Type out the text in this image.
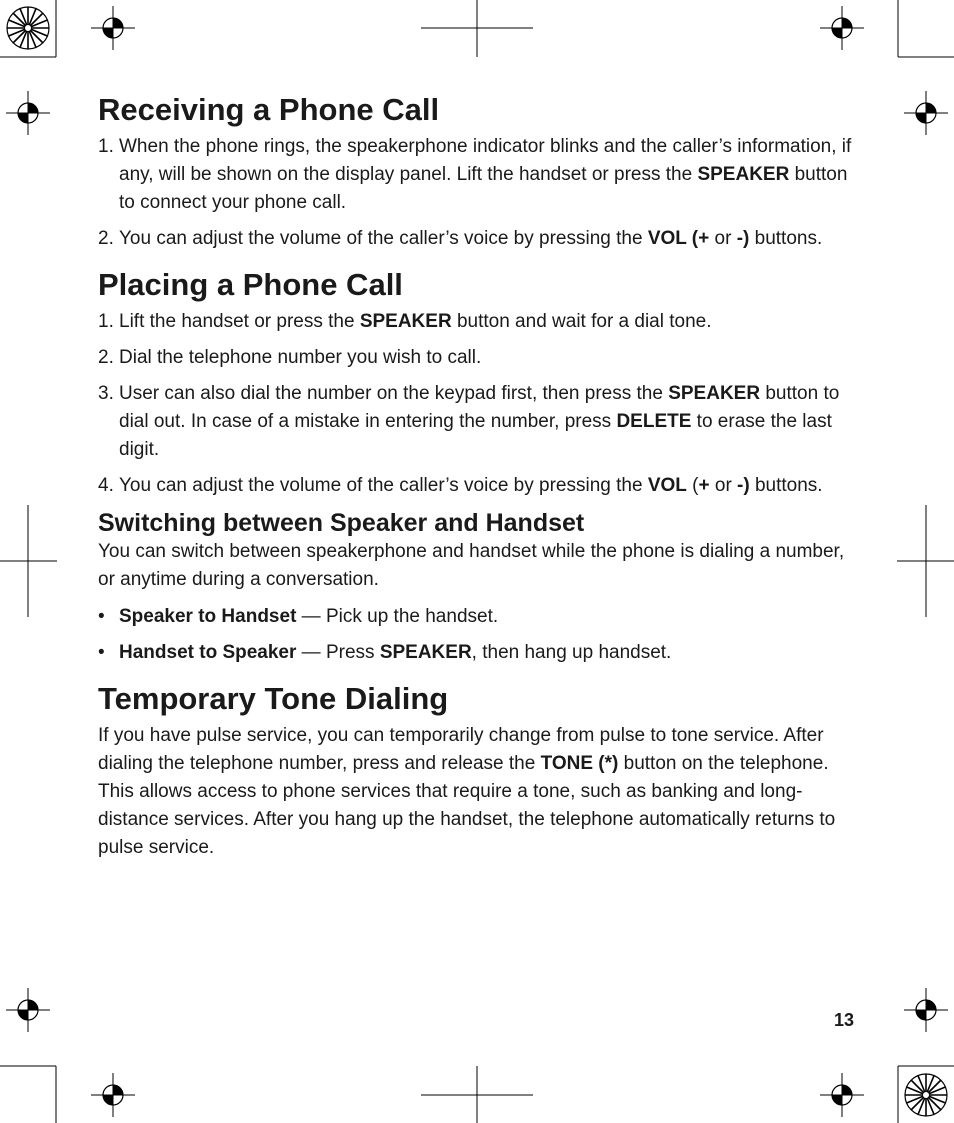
Receiving a Phone Call
1. When the phone rings, the speakerphone indicator blinks and the caller’s information, if any, will be shown on the display panel. Lift the handset or press the SPEAKER button to connect your phone call.
2. You can adjust the volume of the caller’s voice by pressing the VOL (+ or -) buttons.
Placing a Phone Call
1. Lift the handset or press the SPEAKER button and wait for a dial tone.
2. Dial the telephone number you wish to call.
3. User can also dial the number on the keypad first, then press the SPEAKER button to dial out. In case of a mistake in entering the number, press DELETE to erase the last digit.
4. You can adjust the volume of the caller’s voice by pressing the VOL (+ or -) buttons.
Switching between Speaker and Handset

You can switch between speakerphone and handset while the phone is dialing a number, or anytime during a conversation.

• Speaker to Handset — Pick up the handset.
• Handset to Speaker — Press SPEAKER, then hang up handset.
Temporary Tone Dialing

If you have pulse service, you can temporarily change from pulse to tone service. After dialing the telephone number, press and release the TONE (*) button on the telephone. This allows access to phone services that require a tone, such as banking and long-distance services. After you hang up the handset, the telephone automatically returns to pulse service.

13
